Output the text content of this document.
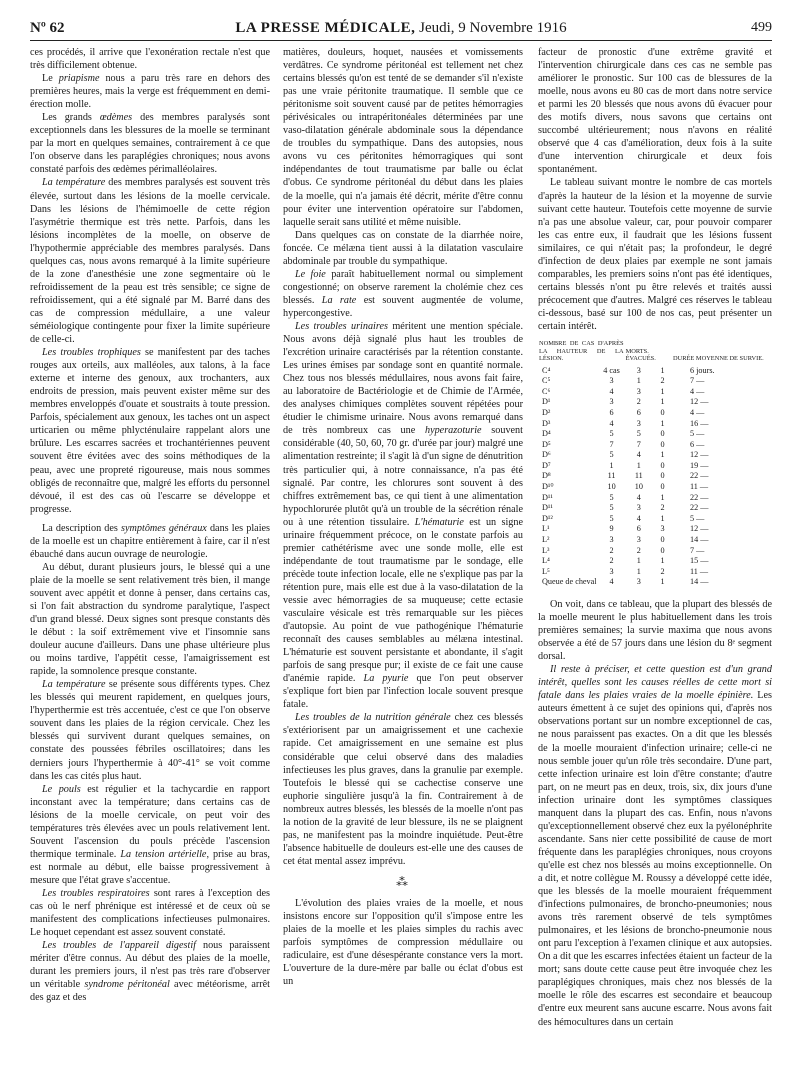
Nº 62	LA PRESSE MÉDICALE, Jeudi, 9 Novembre 1916	499

ces procédés, il arrive que l'exonération rectale n'est que très difficilement obtenue.

Le priapisme nous a paru très rare en dehors des premières heures, mais la verge est fréquemment en demi-érection molle.

Les grands œdèmes des membres paralysés sont exceptionnels dans les blessures de la moelle se terminant par la mort en quelques semaines, contrairement à ce que l'on observe dans les paraplégies chroniques; nous avons constaté parfois des œdèmes périmalléolaires.

La température des membres paralysés est souvent très élevée, surtout dans les lésions de la moelle cervicale. Dans les lésions de l'hémimoelle de cette région l'asymétrie thermique est très nette. Parfois, dans les lésions incomplètes de la moelle, on observe de l'hypothermie appréciable des membres paralysés. Dans quelques cas, nous avons remarqué à la limite supérieure de la zone d'anesthésie une zone segmentaire où le refroidissement de la peau est très sensible; ce signe de refroidissement, qui a été signalé par M. Barré dans des cas de compression médullaire, a une valeur séméiologique contingente pour fixer la limite supérieure de celle-ci.

Les troubles trophiques se manifestent par des taches rouges aux orteils, aux malléoles, aux talons, à la face externe et interne des genoux, aux trochanters, aux endroits de pression, mais peuvent exister même sur des membres enveloppés d'ouate et soustraits à toute pression. Parfois, spécialement aux genoux, les taches ont un aspect urticarien ou même phlycténulaire rappelant alors une brûlure. Les escarres sacrées et trochantériennes peuvent souvent être évitées avec des soins méthodiques de la peau, avec une propreté rigoureuse, mais nous sommes obligés de reconnaître que, malgré les efforts du personnel dévoué, il est des cas où l'escarre se développe et progresse.

La description des symptômes généraux dans les plaies de la moelle est un chapitre entièrement à faire, car il n'est ébauché dans aucun ouvrage de neurologie.

Au début, durant plusieurs jours, le blessé qui a une plaie de la moelle se sent relativement très bien, il mange souvent avec appétit et donne à penser, dans certains cas, si l'on fait abstraction du syndrome paralytique, l'aspect d'un grand blessé. Deux signes sont presque constants dès le début : la soif extrêmement vive et l'insomnie sans douleur aucune d'ailleurs. Dans une phase ultérieure plus ou moins tardive, l'appétit cesse, l'amaigrissement est rapide, la somnolence presque constante.

La température se présente sous différents types. Chez les blessés qui meurent rapidement, en quelques jours, l'hyperthermie est très accentuée, c'est ce que l'on observe souvent dans les plaies de la région cervicale. Chez les blessés qui survivent durant quelques semaines, on constate des poussées fébriles oscillatoires; dans les derniers jours l'hyperthermie à 40°-41° se voit comme dans les cas cités plus haut.

Le pouls est régulier et la tachycardie en rapport inconstant avec la température; dans certains cas de lésions de la moelle cervicale, on peut voir des températures très élevées avec un pouls relativement lent. Souvent l'ascension du pouls précède l'ascension thermique terminale. La tension artérielle, prise au bras, est normale au début, elle baisse progressivement à mesure que l'état grave s'accentue.

Les troubles respiratoires sont rares à l'exception des cas où le nerf phrénique est intéressé et de ceux où se manifestent des complications infectieuses pulmonaires. Le hoquet cependant est assez souvent constaté.

Les troubles de l'appareil digestif nous paraissent mériter d'être connus. Au début des plaies de la moelle, durant les premiers jours, il n'est pas très rare d'observer un véritable syndrome péritonéal avec météorisme, arrêt des gaz et des

matières, douleurs, hoquet, nausées et vomissements verdâtres. Ce syndrome péritonéal est tellement net chez certains blessés qu'on est tenté de se demander s'il n'existe pas une vraie péritonite traumatique. Il semble que ce péritonisme soit souvent causé par de petites hémorragies périvésicales ou intrapéritonéales déterminées par une vaso-dilatation générale abdominale sous la dépendance de troubles du sympathique. Dans des autopsies, nous avons vu ces péritonites hémorragiques qui sont indépendantes de tout traumatisme par balle ou éclat d'obus. Ce syndrome péritonéal du début dans les plaies de la moelle, qui n'a jamais été décrit, mérite d'être connu pour éviter une intervention opératoire sur l'abdomen, laquelle serait sans utilité et même nuisible.

Dans quelques cas on constate de la diarrhée noire, foncée. Ce mélæna tient aussi à la dilatation vasculaire abdominale par trouble du sympathique.

Le foie paraît habituellement normal ou simplement congestionné; on observe rarement la cholémie chez ces blessés. La rate est souvent augmentée de volume, hypercongestive.

Les troubles urinaires méritent une mention spéciale. Nous avons déjà signalé plus haut les troubles de l'excrétion urinaire caractérisés par la rétention constante. Les urines émises par sondage sont en quantité normale. Chez tous nos blessés médullaires, nous avons fait faire, au laboratoire de Bactériologie et de Chimie de l'Armée, des analyses chimiques complètes souvent répétées pour étudier le chimisme urinaire. Nous avons remarqué dans de très nombreux cas une hyperazoturie souvent considérable (40, 50, 60, 70 gr. d'urée par jour) malgré une alimentation restreinte; il s'agit là d'un signe de dénutrition très particulier qui, à notre connaissance, n'a pas été signalé. Par contre, les chlorures sont souvent à des chiffres extrêmement bas, ce qui tient à une alimentation hypochlorurée plutôt qu'à un trouble de la sécrétion rénale ou à une rétention tissulaire. L'hématurie est un signe urinaire fréquemment précoce, on le constate parfois au premier cathétérisme avec une sonde molle, elle est indépendante de tout traumatisme par le sondage, elle précède toute infection locale, elle ne s'explique pas par la rétention pure, mais elle est due à la vaso-dilatation de la vessie avec hémorragies de sa muqueuse; cette ectasie vasculaire vésicale est très remarquable sur les pièces d'autopsie. Au point de vue pathogénique l'hématurie reconnaît des causes semblables au mélæna intestinal. L'hématurie est souvent persistante et abondante, il s'agit parfois de sang presque pur; il existe de ce fait une cause d'anémie rapide. La pyurie que l'on peut observer s'explique fort bien par l'infection locale souvent presque fatale.

Les troubles de la nutrition générale chez ces blessés s'extériorisent par un amaigrissement et une cachexie rapide. Cet amaigrissement en une semaine est plus considérable que celui observé dans des maladies infectieuses les plus graves, dans la granulie par exemple. Toutefois le blessé qui se cachectise conserve une euphorie singulière jusqu'à la fin. Contrairement à de nombreux autres blessés, les blessés de la moelle n'ont pas la notion de la gravité de leur blessure, ils ne se plaignent pas, ne manifestent pas la moindre inquiétude. Peut-être l'absence habituelle de douleurs est-elle une des causes de cet état mental assez imprévu.

⁂

L'évolution des plaies vraies de la moelle, et nous insistons encore sur l'opposition qu'il s'impose entre les plaies de la moelle et les plaies simples du rachis avec parfois symptômes de compression médullaire ou radiculaire, est d'une désespérante constance vers la mort. L'ouverture de la dure-mère par balle ou éclat d'obus est un

facteur de pronostic d'une extrême gravité et l'intervention chirurgicale dans ces cas ne semble pas améliorer le pronostic. Sur 100 cas de blessures de la moelle, nous avons eu 80 cas de mort dans notre service et parmi les 20 blessés que nous avons dû évacuer pour des motifs divers, nous savons que certains ont succombé ultérieurement; nous n'avons en réalité observé que 4 cas d'amélioration, deux fois à la suite d'une intervention chirurgicale et deux fois spontanément.

Le tableau suivant montre le nombre de cas mortels d'après la hauteur de la lésion et la moyenne de survie suivant cette hauteur. Toutefois cette moyenne de survie n'a pas une absolue valeur, car, pour pouvoir comparer les cas entre eux, il faudrait que les lésions fussent similaires, ce qui n'était pas; la profondeur, le degré d'infection de deux plaies par exemple ne sont jamais comparables, les premiers soins n'ont pas été identiques, certains blessés n'ont pu être relevés et traités aussi précocement que d'autres. Malgré ces réserves le tableau ci-dessous, basé sur 100 de nos cas, peut présenter un certain intérêt.

NOMBRE DE CAS D'APRÈS LA HAUTEUR DE LA LÉSION.		MORTS. ÉVACUÉS.		DURÉE MOYENNE DE SURVIE.
C⁴	4 cas	3	1	6 jours.
C⁵	3	1	2	7 —
C⁶	4	3	1	4 —
D¹	3	2	1	12 —
D²	6	6	0	4 —
D³	4	3	1	16 —
D⁴	5	5	0	5 —
D⁵	7	7	0	6 —
D⁶	5	4	1	12 —
D⁷	1	1	0	19 —
D⁸	11	11	0	22 —
D¹⁰	10	10	0	11 —
D¹¹	5	4	1	22 —
D¹¹	5	3	2	22 —
D¹²	5	4	1	5 —
L¹	9	6	3	12 —
L²	3	3	0	14 —
L³	2	2	0	7 —
L⁴	2	1	1	15 —
L⁵	3	1	2	11 —
Queue de cheval	4	3	1	14 —

On voit, dans ce tableau, que la plupart des blessés de la moelle meurent le plus habituellement dans les trois premières semaines; la survie maxima que nous avons observée a été de 57 jours dans une lésion du 8ᵉ segment dorsal.

Il reste à préciser, et cette question est d'un grand intérêt, quelles sont les causes réelles de cette mort si fatale dans les plaies vraies de la moelle épinière. Les auteurs émettent à ce sujet des opinions qui, d'après nos observations portant sur un nombre exceptionnel de cas, ne nous paraissent pas exactes. On a dit que les blessés de la moelle mouraient d'infection urinaire; celle-ci ne nous semble jouer qu'un rôle très secondaire. D'une part, cette infection urinaire est loin d'être constante; d'autre part, on ne meurt pas en deux, trois, six, dix jours d'une infection urinaire dont les symptômes classiques manquent dans la plupart des cas. Enfin, nous n'avons qu'exceptionnellement observé chez eux la pyélonéphrite ascendante. Sans nier cette possibilité de cause de mort fréquente dans les paraplégies chroniques, nous croyons qu'elle est chez nos blessés au moins exceptionnelle. On a dit, et notre collègue M. Roussy a développé cette idée, que les blessés de la moelle mouraient fréquemment d'infections pulmonaires, de broncho-pneumonies; nous avons très rarement observé de tels symptômes pulmonaires, et les lésions de broncho-pneumonie nous ont paru l'exception à l'examen clinique et aux autopsies. On a dit que les escarres infectées étaient un facteur de la mort; sans doute cette cause peut être invoquée chez les paraplégiques chroniques, mais chez nos blessés de la moelle le rôle des escarres est secondaire et beaucoup d'entre eux meurent sans aucune escarre. Nous avons fait des hémocultures dans un certain
